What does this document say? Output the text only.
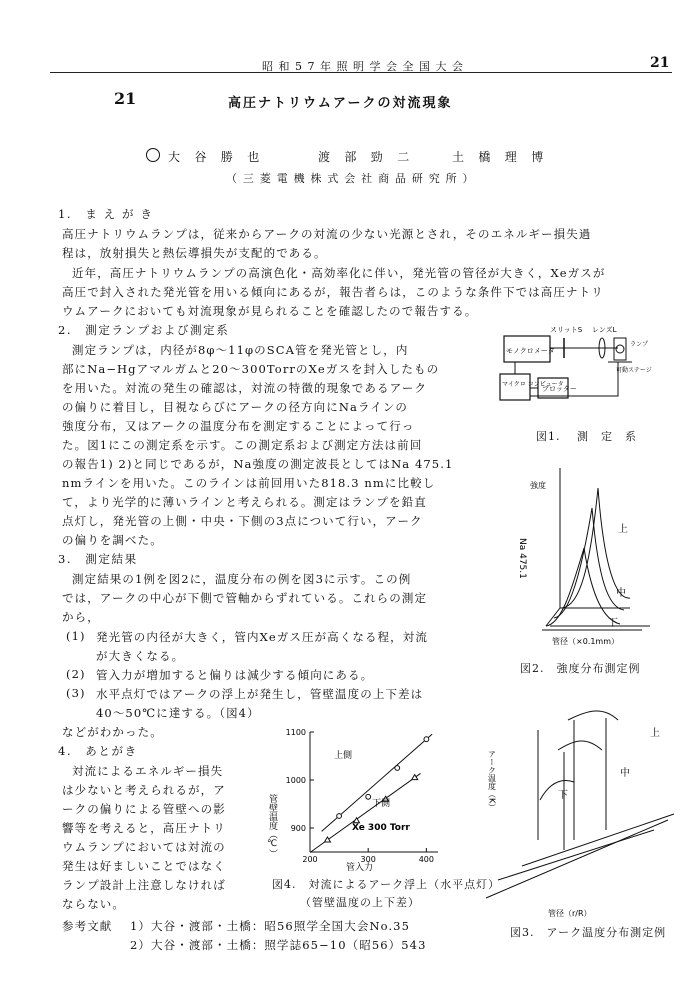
昭 和 5 7 年 照 明 学 会 全 国 大 会	21
21	高圧ナトリウムアークの対流現象
大　谷　勝　也	渡　部　勁　二	土　橋　理　博
（ 三 菱 電 機 株 式 会 社 商 品 研 究 所 ）
1.　ま え が き
高圧ナトリウムランプは，従来からアークの対流の少ない光源とされ，そのエネルギー損失過
程は，放射損失と熱伝導損失が支配的である。
近年，高圧ナトリウムランプの高演色化・高効率化に伴い，発光管の管径が大きく，Xeガスが
高圧で封入された発光管を用いる傾向にあるが，報告者らは，このような条件下では高圧ナトリ
ウムアークにおいても対流現象が見られることを確認したので報告する。
2.　測定ランプおよび測定系
測定ランプは，内径が8φ〜11φのSCA管を発光管とし，内
部にNa−Hgアマルガムと20〜300TorrのXeガスを封入したもの
を用いた。対流の発生の確認は，対流の特徴的現象であるアーク
の偏りに着目し，目視ならびにアークの径方向にNaラインの
強度分布，又はアークの温度分布を測定することによって行っ
た。図1にこの測定系を示す。この測定系および測定方法は前回
の報告1) 2)と同じであるが，Na強度の測定波長としてはNa 475.1
nmラインを用いた。このラインは前回用いた818.3 nmに比較し
て，より光学的に薄いラインと考えられる。測定はランプを鉛直
点灯し，発光管の上側・中央・下側の3点について行い，アーク
の偏りを調べた。
3.　測定結果
測定結果の1例を図2に，温度分布の例を図3に示す。この例
では，アークの中心が下側で管軸からずれている。これらの測定
から，
(1) 発光管の内径が大きく，管内Xeガス圧が高くなる程，対流
が大きくなる。
(2) 管入力が増加すると偏りは減少する傾向にある。
(3) 水平点灯ではアークの浮上が発生し，管壁温度の上下差は
40〜50℃に達する。（図4）
などがわかった。
4.　あとがき
対流によるエネルギー損失
は少ないと考えられるが，ア
ークの偏りによる管壁への影
響等を考えると，高圧ナトリ
ウムランプにおいては対流の
発生は好ましいことではなく
ランプ設計上注意しなければ
ならない。
参考文献 1）大谷・渡部・土橋：昭56照学全国大会No.35
2）大谷・渡部・土橋：照学誌65−10（昭56）543
モノクロメータ
スリットS レンズL
ランプ
可動ステージ
マイクロ コンピュータ
プロッター
図1.　 測　定　系
Na 475.1
強度
上
中
下
管径（×0.1mm）
図2.　強度分布測定例
アーク温度（K）
上
中
下
管径（r/R）
図3.　アーク温度分布測定例
900
1000
1100
200	300	400
管壁温度（℃）
管入力
Xe 300 Torr
上側
下側
図4.　対流によるアーク浮上（水平点灯）
（管壁温度の上下差）
